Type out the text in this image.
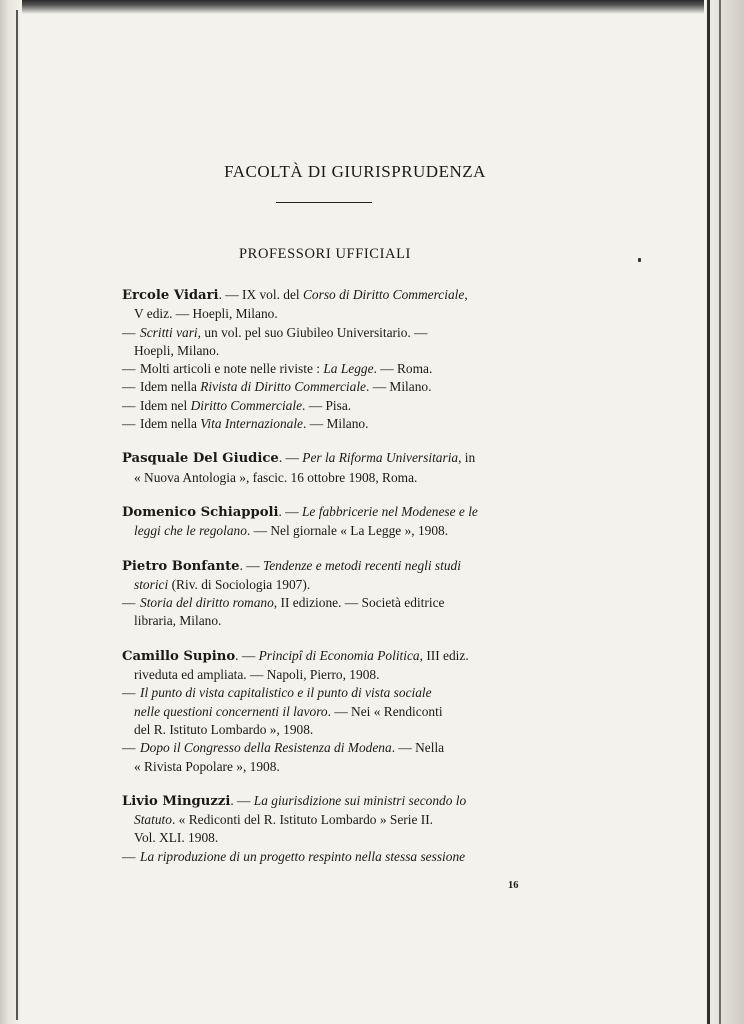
FACOLTÀ DI GIURISPRUDENZA
PROFESSORI UFFICIALI
Ercole Vidari. — IX vol. del Corso di Diritto Commerciale,
V ediz. — Hoepli, Milano.
— Scritti vari, un vol. pel suo Giubileo Universitario. —
Hoepli, Milano.
— Molti articoli e note nelle riviste : La Legge. — Roma.
— Idem nella Rivista di Diritto Commerciale. — Milano.
— Idem nel Diritto Commerciale. — Pisa.
— Idem nella Vita Internazionale. — Milano.
Pasquale Del Giudice. — Per la Riforma Universitaria, in
« Nuova Antologia », fascic. 16 ottobre 1908, Roma.
Domenico Schiappoli. — Le fabbricerie nel Modenese e le
leggi che le regolano. — Nel giornale « La Legge », 1908.
Pietro Bonfante. — Tendenze e metodi recenti negli studi
storici (Riv. di Sociologia 1907).
— Storia del diritto romano, II edizione. — Società editrice
libraria, Milano.
Camillo Supino. — Principî di Economia Politica, III ediz.
riveduta ed ampliata. — Napoli, Pierro, 1908.
— Il punto di vista capitalistico e il punto di vista sociale
nelle questioni concernenti il lavoro. — Nei « Rendiconti
del R. Istituto Lombardo », 1908.
— Dopo il Congresso della Resistenza di Modena. — Nella
« Rivista Popolare », 1908.
Livio Minguzzi. — La giurisdizione sui ministri secondo lo
Statuto. « Rediconti del R. Istituto Lombardo » Serie II.
Vol. XLI. 1908.
— La riproduzione di un progetto respinto nella stessa sessione
16
